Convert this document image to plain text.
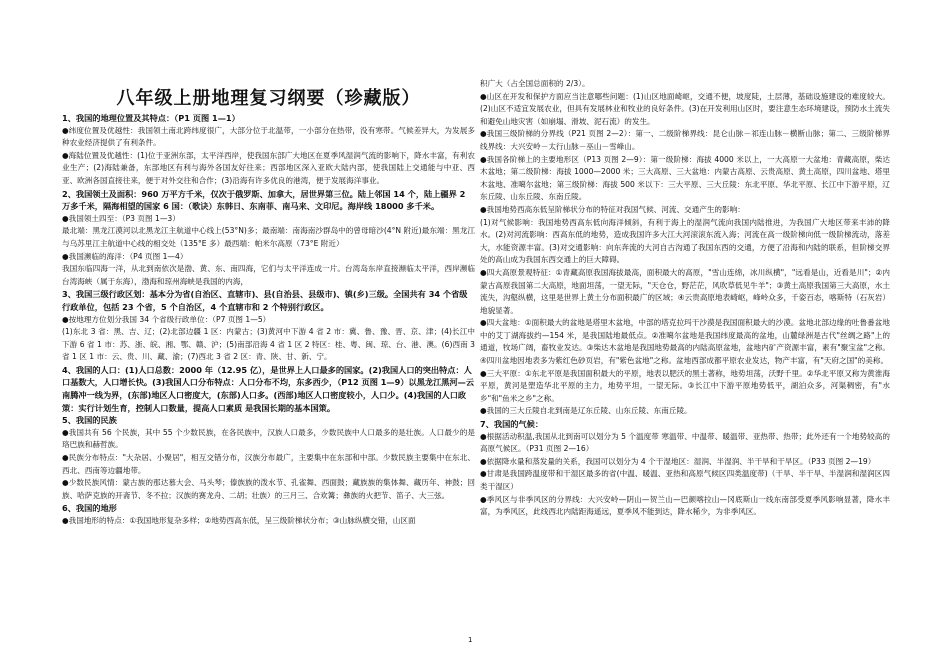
八年级上册地理复习纲要（珍藏版）
1、我国的地理位置及其特点：（P1 页图 1—1）

●纬度位置及优越性：我国领土南北跨纬度很广，大部分位于北温带，一小部分在热带，没有寒带。气候差异大，为发展多种农业经济提供了有利条件。

●海陆位置及优越性：(1)位于亚洲东部，太平洋西岸，使我国东部广大地区在夏季风湿润气流的影响下，降水丰富，有利农业生产；(2)海陆兼备，东部地区有利与海外各国友好往来；西部地区深入亚欧大陆内部，使我国陆上交通能与中亚、西亚、欧洲各国直接往来，便于对外交往和合作；(3)沿海有许多优良的港湾，便于发展海洋事业。

2、我国领土及面积：960 万平方千米，仅次于俄罗斯、加拿大，居世界第三位。陆上邻国 14 个，陆上疆界 2 万多千米，隔海相望的国家 6 国：（歌诀）东韩日、东南菲、南马来、文印尼。海岸线 18000 多千米。

●我国领土四至：（P3 页图 1—3）

最北端：黑龙江漠河以北黑龙江主航道中心线上(53°N)多；最南端：南海南沙群岛中的曾母暗沙(4°N 附近)最东端：黑龙江与乌苏里江主航道中心线的相交处（135°E 多）最西端：帕米尔高原（73°E 附近）

●我国濒临的海洋：（P4 页图 1—4）

我国东临四海一洋，从北到南依次是渤、黄、东、南四海，它们与太平洋连成一片。台湾岛东岸直接濒临太平洋，西岸濒临台湾海峡（属于东海），渤海和琼州海峡是我国的内海，

3、我国三级行政区划：基本分为省(自治区、直辖市)、县(自治县、县级市)、镇(乡)三级。全国共有 34 个省级行政单位，包括 23 个省，5 个自治区，4 个直辖市和 2 个特别行政区。

●按地理方位划分我国 34 个省级行政单位：（P7 页图 1—5）

(1)东北 3 省：黑、吉、辽；(2)北部边疆 1 区：内蒙古；(3)黄河中下游 4 省 2 市：冀、鲁、豫、晋、京、津；(4)长江中下游 6 省 1 市：苏、浙、皖、湘、鄂、赣、沪；(5)南部沿海 4 省 1 区 2 特区：桂、粤、闽、琼、台、港、澳。(6)西南 3 省 1 区 1 市：云、贵、川、藏、渝；(7)西北 3 省 2 区：青、陕、甘、新、宁。

4、我国的人口：(1)人口总数：2000 年（12.95 亿），是世界上人口最多的国家。(2)我国人口的突出特点：人口基数大，人口增长快。(3)我国人口分布特点：人口分布不均，东多西少，（P12 页图 1—9）以黑龙江黑河—云南腾冲一线为界，(东部)地区人口密度大，(东部)人口多。(西部)地区人口密度较小，人口少。(4)我国的人口政策：实行计划生育，控制人口数量，提高人口素质 是我国长期的基本国策。
5、我国的民族

●我国共有 56 个民族，其中 55 个少数民族，在各民族中，汉族人口最多，少数民族中人口最多的是壮族。人口最少的是珞巴族和赫哲族。

●民族分布特点："大杂居、小聚居"，相互交错分布，汉族分布最广，主要集中在东部和中部。少数民族主要集中在东北、西北、西南等边疆地带。

●少数民族风情：蒙古族的那达慕大会、马头琴；傣族族的泼水节、孔雀舞、西面鼓；藏族族的集体舞、藏历年、神鼓；回族、哈萨克族的开斋节、冬不拉；汉族的赛龙舟、二胡；壮族）的三月三、合欢篝；彝族的火把节、笛子、大三弦。

6、我国的地形

●我国地形的特点：①我国地形复杂多样；②地势西高东低，呈三级阶梯状分布；③山脉纵横交错，山区面

积广大（占全国总面积的 2/3）。

●山区在开发和保护方面应当注意哪些问题：(1)山区地面崎岖，交通不便，坡度陡，土层薄，基础设施建设的难度较大。(2)山区不适宜发展农业，但具有发展林业和牧业的良好条件。(3)在开发利用山区时，要注意生态环境建设，预防水土流失和避免山地灾害（如崩塌、滑坡、泥石流）的发生。

●我国三级阶梯的分界线（P21 页图 2—2）：第一、二级阶梯界线：昆仑山脉－祁连山脉－横断山脉；第二、三级阶梯界线界线：大兴安岭－太行山脉－巫山－雪峰山。

●我国各阶梯上的主要地形区（P13 页图 2—9）：第一级阶梯：海拔 4000 米以上，一大高原一大盆地：青藏高原，柴达木盆地；第二级阶梯：海拔 1000—2000 米；三大高原、三大盆地：内蒙古高原、云贵高原、黄土高原，四川盆地、塔里木盆地、准噶尔盆地；第三级阶梯：海拔 500 米以下：三大平原、三大丘陵：东北平原、华北平原、长江中下游平原，辽东丘陵、山东丘陵、东南丘陵。

●我国地势西高东低呈阶梯状分布的特征对我国气候、河流、交通产生的影响：

(1)对气候影响：我国地势西高东低向海洋倾斜，有利于海上的湿润气流向我国内陆推进，为我国广大地区带来丰沛的降水。(2)对河流影响：西高东低的地势，造成我国许多大江大河滚滚东流入海；河流在高一级阶梯向低一级阶梯流动，落差大，水能资源丰富。(3)对交通影响：向东奔流的大河自古沟通了我国东西的交通，方便了沿海和内陆的联系，但阶梯交界处的高山成为我国东西交通上的巨大障碍。

●四大高原景观特征：①青藏高原我国海拔最高，面积最大的高原，"雪山连绵，冰川纵横"，"远看是山，近看是川"；②内蒙古高原我国第二大高原，地面坦荡，一望无际，"天仓仓，野茫茫，风吹草低见牛羊"；③黄土高原我国第三大高原，水土流失，沟壑纵横，这里是世界上黄土分布面积最广的区域；④云贵高原地表崎岖，峰岭众多，千姿百态，喀斯特（石灰岩）地貌显著。

●四大盆地：①面积最大的盆地是塔里木盆地，中部的塔克拉玛干沙漠是我国面积最大的沙漠。盆地北部边缘的吐鲁番盆地中的艾丁湖海拔约—154 米，是我国陆地最低点。②准噶尔盆地是我国纬度最高的盆地，山麓绿洲是古代"丝绸之路"上的通道，牧场广阔，畜牧业发达。③柴达木盆地是我国地势最高的内陆高原盆地，盆地内矿产资源丰富，素有"聚宝盆"之称。④四川盆地因地表多为紫红色砂页岩，有"紫色盆地"之称。盆地西部成都平原农业发达，物产丰富，有"天府之国"的美称。

●三大平原：①东北平原是我国面积最大的平原，地表以肥沃的黑土著称，地势坦荡，沃野千里。②华北平原又称为黄淮海平原，黄河是塑造华北平原的主力，地势平坦，一望无际。③长江中下游平原地势低平，湖泊众多，河渠稠密，有"水乡"和"鱼米之乡"之称。

●我国的三大丘陵自北到南是辽东丘陵、山东丘陵、东南丘陵。

7、我国的气候：

●根据活动积温,我国从北到南可以划分为 5 个温度带 寒温带、中温带、暖温带、亚热带、热带；此外还有一个地势较高的高原气候区。（P31 页图 2—16）

●依据降水量和蒸发量的关系，我国可以划分为 4 个干湿地区：湿润、半湿润、半干旱和干旱区。（P33 页图 2—19）

●甘肃是我国跨温度带和干湿区最多的省(中温、暖温、亚热和高原气候区四类温度带)（干旱、半干旱、半湿润和湿润区四类干湿区）

●季风区与非季风区的分界线：大兴安岭—阴山—贺兰山—巴颜喀拉山—冈底斯山一线东南部受夏季风影响显著，降水丰富，为季风区，此线西北内陆距海遥远，夏季风不能到达，降水稀少，为非季风区。

1
